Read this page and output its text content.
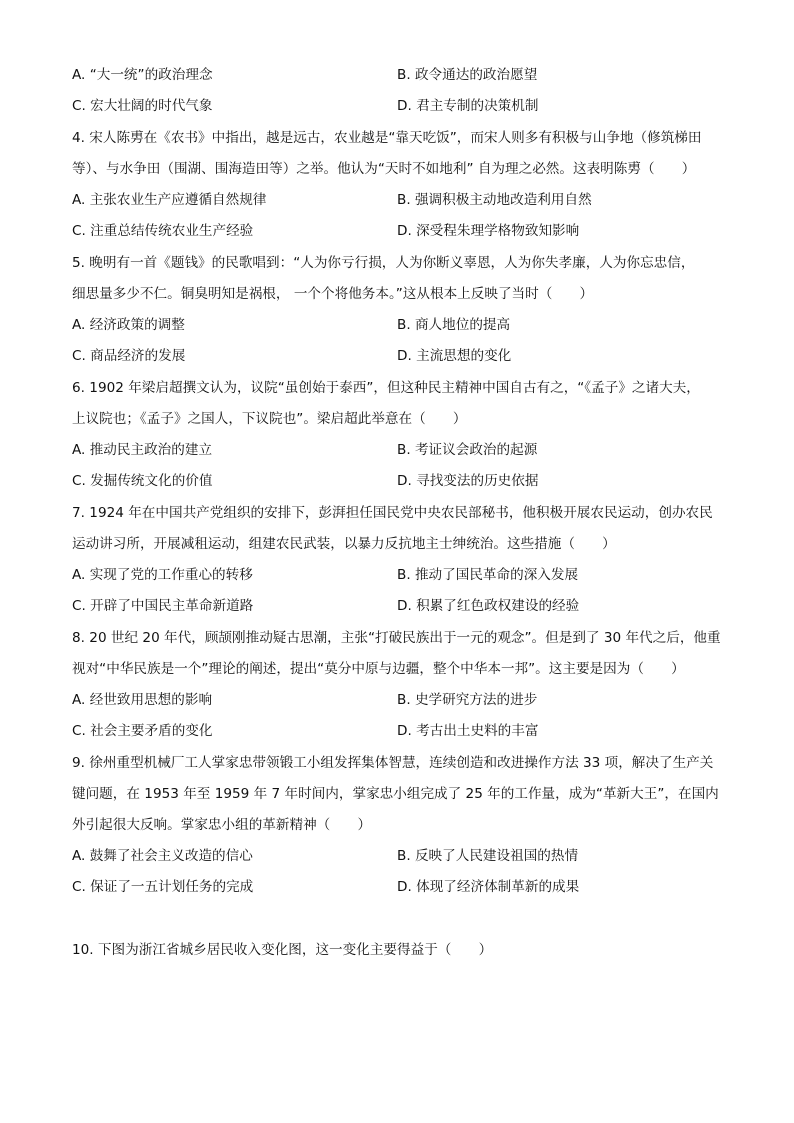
A. “大一统”的政治理念	B. 政令通达的政治愿望
C. 宏大壮阔的时代气象	D. 君主专制的决策机制
4. 宋人陈旉在《农书》中指出，越是远古，农业越是“靠天吃饭”，而宋人则多有积极与山争地（修筑梯田
等）、与水争田（围湖、围海造田等）之举。他认为“天时不如地利” 自为理之必然。这表明陈旉（　　）
A. 主张农业生产应遵循自然规律	B. 强调积极主动地改造利用自然
C. 注重总结传统农业生产经验	D. 深受程朱理学格物致知影响
5. 晚明有一首《题钱》的民歌唱到：“人为你亏行损，人为你断义辜恩，人为你失孝廉，人为你忘忠信，
细思量多少不仁。铜臭明知是祸根， 一个个将他务本。”这从根本上反映了当时（　　）
A. 经济政策的调整	B. 商人地位的提高
C. 商品经济的发展	D. 主流思想的变化
6. 1902 年梁启超撰文认为，议院“虽创始于泰西”，但这种民主精神中国自古有之，“《孟子》之诸大夫，
上议院也；《孟子》之国人，下议院也”。梁启超此举意在（　　）
A. 推动民主政治的建立	B. 考证议会政治的起源
C. 发掘传统文化的价值	D. 寻找变法的历史依据
7. 1924 年在中国共产党组织的安排下，彭湃担任国民党中央农民部秘书，他积极开展农民运动，创办农民
运动讲习所，开展减租运动，组建农民武装，以暴力反抗地主士绅统治。这些措施（　　）
A. 实现了党的工作重心的转移	B. 推动了国民革命的深入发展
C. 开辟了中国民主革命新道路	D. 积累了红色政权建设的经验
8. 20 世纪 20 年代，顾颉刚推动疑古思潮，主张“打破民族出于一元的观念”。但是到了 30 年代之后，他重
视对“中华民族是一个”理论的阐述，提出“莫分中原与边疆，整个中华本一邦”。这主要是因为（　　）
A. 经世致用思想的影响	B. 史学研究方法的进步
C. 社会主要矛盾的变化	D. 考古出土史料的丰富
9. 徐州重型机械厂工人掌家忠带领锻工小组发挥集体智慧，连续创造和改进操作方法 33 项，解决了生产关
键问题，在 1953 年至 1959 年 7 年时间内，掌家忠小组完成了 25 年的工作量，成为“革新大王”，在国内
外引起很大反响。掌家忠小组的革新精神（　　）
A. 鼓舞了社会主义改造的信心	B. 反映了人民建设祖国的热情
C. 保证了一五计划任务的完成	D. 体现了经济体制革新的成果
10. 下图为浙江省城乡居民收入变化图，这一变化主要得益于（　　）
